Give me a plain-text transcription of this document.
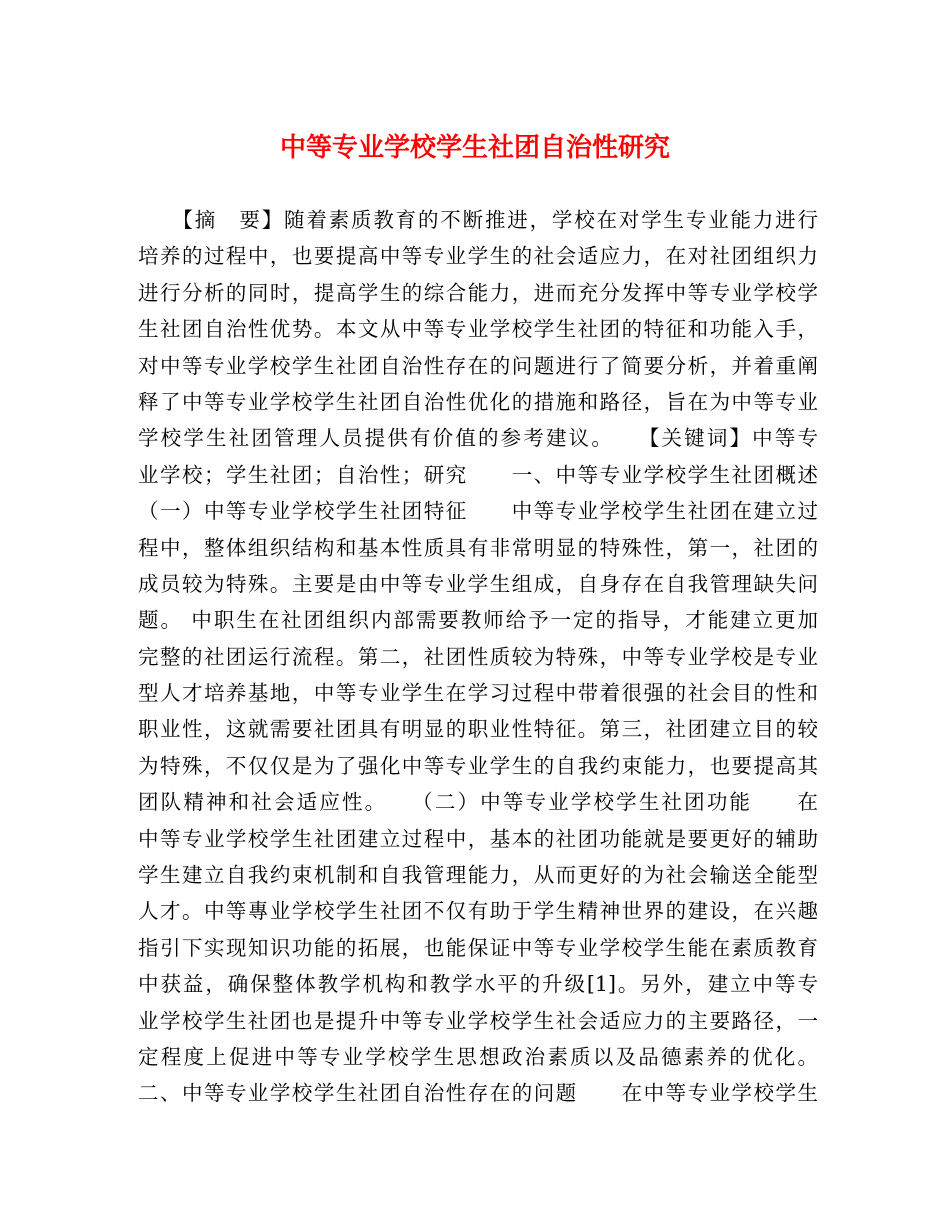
中等专业学校学生社团自治性研究
　　【摘　要】随着素质教育的不断推进，学校在对学生专业能力进行
培养的过程中，也要提高中等专业学生的社会适应力，在对社团组织力
进行分析的同时，提高学生的综合能力，进而充分发挥中等专业学校学
生社团自治性优势。本文从中等专业学校学生社团的特征和功能入手，
对中等专业学校学生社团自治性存在的问题进行了简要分析，并着重阐
释了中等专业学校学生社团自治性优化的措施和路径，旨在为中等专业
学校学生社团管理人员提供有价值的参考建议。　　【关键词】中等专
业学校；学生社团；自治性；研究　　一、中等专业学校学生社团概述
（一）中等专业学校学生社团特征　　中等专业学校学生社团在建立过
程中，整体组织结构和基本性质具有非常明显的特殊性，第一，社团的
成员较为特殊。主要是由中等专业学生组成，自身存在自我管理缺失问
题。 中职生在社团组织内部需要教师给予一定的指导，才能建立更加
完整的社团运行流程。第二，社团性质较为特殊，中等专业学校是专业
型人才培养基地，中等专业学生在学习过程中带着很强的社会目的性和
职业性，这就需要社团具有明显的职业性特征。第三，社团建立目的较
为特殊，不仅仅是为了强化中等专业学生的自我约束能力，也要提高其
团队精神和社会适应性。　　（二）中等专业学校学生社团功能　　在
中等专业学校学生社团建立过程中，基本的社团功能就是要更好的辅助
学生建立自我约束机制和自我管理能力，从而更好的为社会输送全能型
人才。中等專业学校学生社团不仅有助于学生精神世界的建设，在兴趣
指引下实现知识功能的拓展，也能保证中等专业学校学生能在素质教育
中获益，确保整体教学机构和教学水平的升级[1]。另外，建立中等专
业学校学生社团也是提升中等专业学校学生社会适应力的主要路径，一
定程度上促进中等专业学校学生思想政治素质以及品德素养的优化。
二、中等专业学校学生社团自治性存在的问题　　在中等专业学校学生
